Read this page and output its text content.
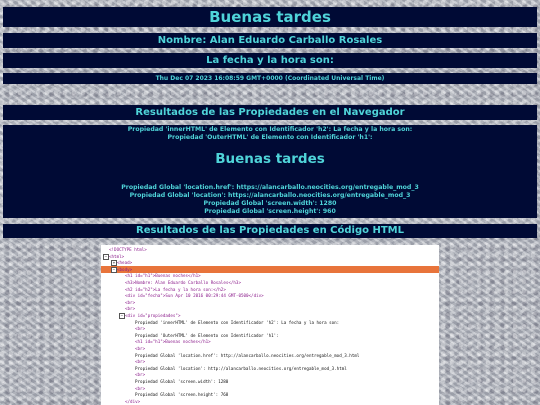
Buenas tardes
Nombre: Alan Eduardo Carballo Rosales
La fecha y la hora son:
Thu Dec 07 2023 16:08:59 GMT+0000 (Coordinated Universal Time)
Resultados de las Propiedades en el Navegador
Propiedad 'innerHTML' de Elemento con Identificador 'h2': La fecha y la hora son:
Propiedad 'OuterHTML' de Elemento con Identificador 'h1':
Buenas tardes
Propiedad Global 'location.href': https://alancarballo.neocities.org/entregable_mod_3
Propiedad Global 'location': https://alancarballo.neocities.org/entregable_mod_3
Propiedad Global 'screen.width': 1280
Propiedad Global 'screen.height': 960
Resultados de las Propiedades en Código HTML
<!DOCTYPE html>
− <html>
+ <head>
− <body>
<h1 id="h1">Buenas noches</h1>
<h3>Nombre: Alan Eduardo Carballo Rosales</h3>
<h2 id="h2">La fecha y la hora son:</h2>
<div id="fecha">Sun Apr 10 2016 00:29:44 GMT-0500</div>
<br>
<br>
− <div id="propiedades">
Propiedad 'innerHTML' de Elemento con Identificador 'h2': La fecha y la hora son:
<br>
Propiedad 'OuterHTML' de Elemento con Identificador 'h1':
<h1 id="h1">Buenas noches</h1>
<br>
Propiedad Global 'location.href': http://alancarballo.neocities.org/entregable_mod_3.html
<br>
Propiedad Global 'location': http://alancarballo.neocities.org/entregable_mod_3.html
<br>
Propiedad Global 'screen.width': 1280
<br>
Propiedad Global 'screen.height': 768
</div>
